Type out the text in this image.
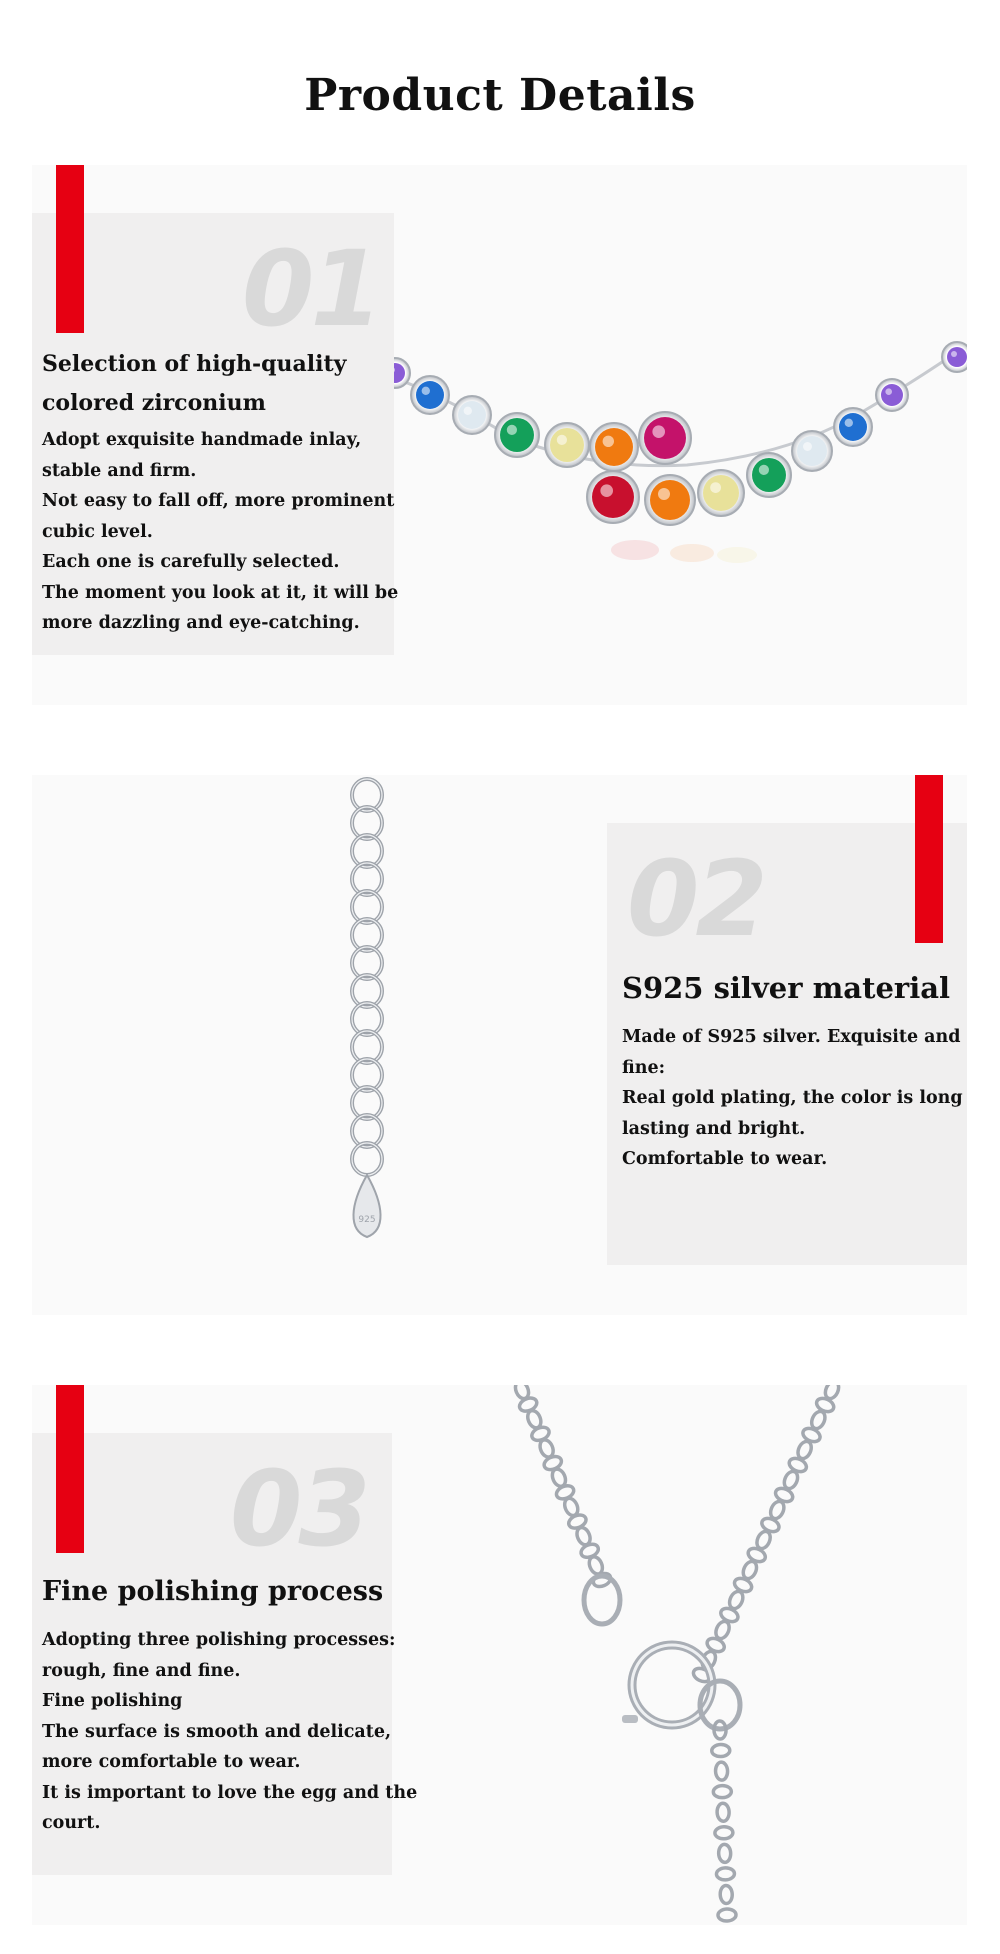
Product Details
01
Selection of high-quality
colored zirconium
Adopt exquisite handmade inlay,
stable and firm.
Not easy to fall off, more prominent
cubic level.
Each one is carefully selected.
The moment you look at it, it will be
more dazzling and eye-catching.
925
02
S925 silver material
Made of S925 silver. Exquisite and
fine:
Real gold plating, the color is long
lasting and bright.
Comfortable to wear.
03
Fine polishing process
Adopting three polishing processes:
rough, fine and fine.
Fine polishing
The surface is smooth and delicate,
more comfortable to wear.
It is important to love the egg and the
court.
